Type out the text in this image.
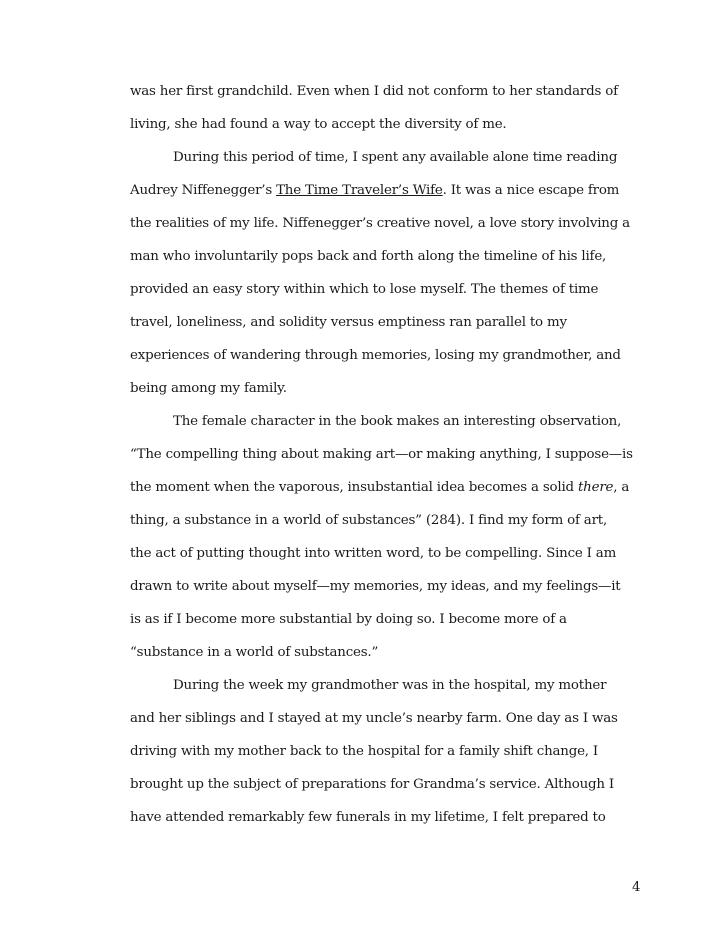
was her first grandchild. Even when I did not conform to her standards of
living, she had found a way to accept the diversity of me.
During this period of time, I spent any available alone time reading
Audrey Niffenegger’s The Time Traveler’s Wife. It was a nice escape from
the realities of my life. Niffenegger’s creative novel, a love story involving a
man who involuntarily pops back and forth along the timeline of his life,
provided an easy story within which to lose myself. The themes of time
travel, loneliness, and solidity versus emptiness ran parallel to my
experiences of wandering through memories, losing my grandmother, and
being among my family.
The female character in the book makes an interesting observation,
“The compelling thing about making art—or making anything, I suppose—is
the moment when the vaporous, insubstantial idea becomes a solid there, a
thing, a substance in a world of substances” (284). I find my form of art,
the act of putting thought into written word, to be compelling. Since I am
drawn to write about myself—my memories, my ideas, and my feelings—it
is as if I become more substantial by doing so. I become more of a
“substance in a world of substances.”
During the week my grandmother was in the hospital, my mother
and her siblings and I stayed at my uncle’s nearby farm. One day as I was
driving with my mother back to the hospital for a family shift change, I
brought up the subject of preparations for Grandma’s service. Although I
have attended remarkably few funerals in my lifetime, I felt prepared to
4
